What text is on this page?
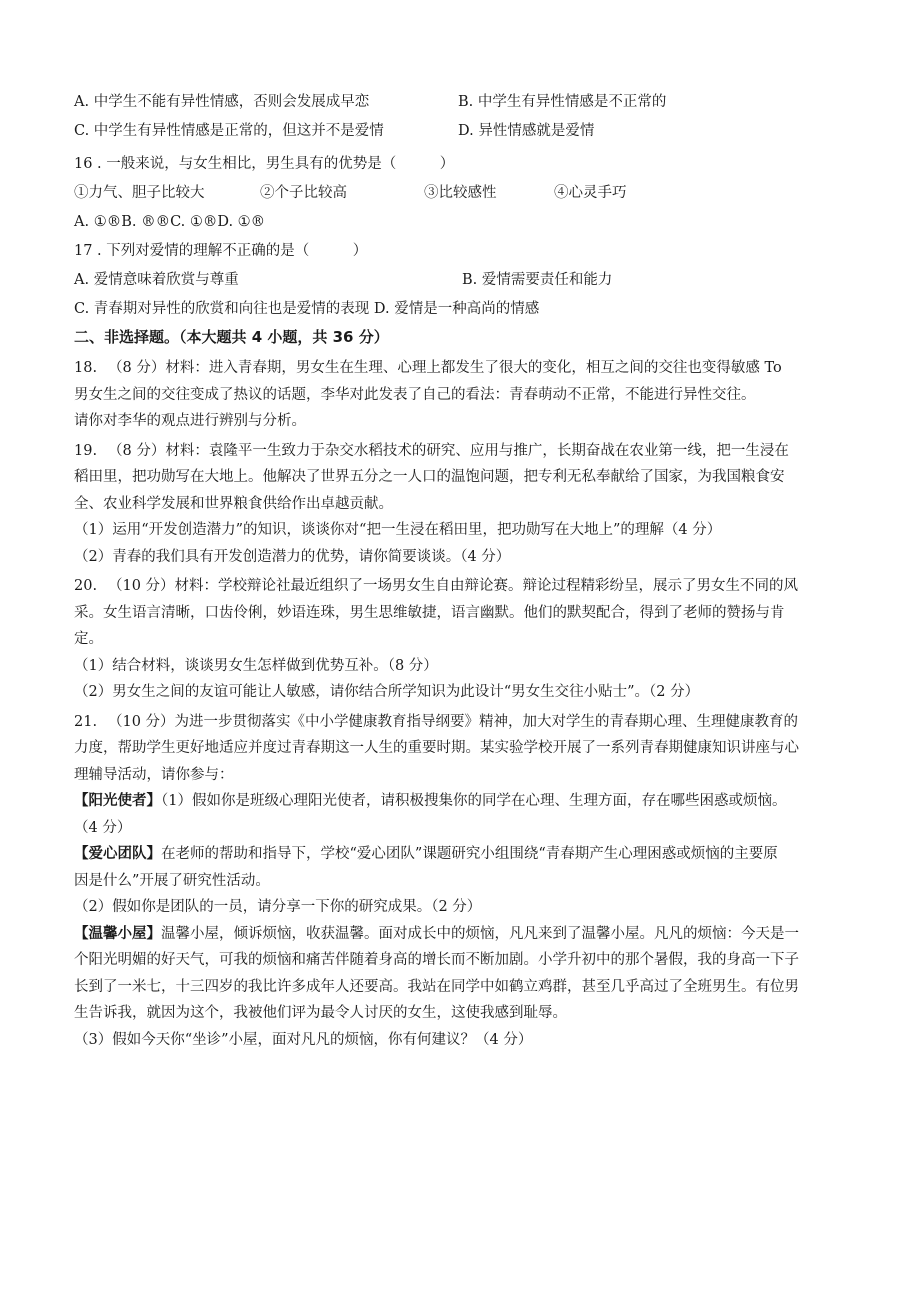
A. 中学生不能有异性情感，否则会发展成早恋	B. 中学生有异性情感是不正常的
C. 中学生有异性情感是正常的，但这并不是爱情	D. 异性情感就是爱情
16 . 一般来说，与女生相比，男生具有的优势是（　　　）
①力气、胆子比较大	②个子比较高	③比较感性	④心灵手巧
A. ①®B. ®®C. ①®D. ①®
17 . 下列对爱情的理解不正确的是（　　　）
A. 爱情意味着欣赏与尊重	B. 爱情需要责任和能力
C. 青春期对异性的欣赏和向往也是爱情的表现 D. 爱情是一种高尚的情感
二、非选择题。（本大题共 4 小题，共 36 分）
18. （8 分）材料：进入青春期，男女生在生理、心理上都发生了很大的变化，相互之间的交往也变得敏感 To
男女生之间的交往变成了热议的话题，李华对此发表了自己的看法：青春萌动不正常，不能进行异性交往。
请你对李华的观点进行辨别与分析。
19. （8 分）材料：袁隆平一生致力于杂交水稻技术的研究、应用与推广，长期奋战在农业第一线，把一生浸在
稻田里，把功勋写在大地上。他解决了世界五分之一人口的温饱问题，把专利无私奉献给了国家，为我国粮食安
全、农业科学发展和世界粮食供给作出卓越贡献。
（1）运用“开发创造潜力”的知识，谈谈你对“把一生浸在稻田里，把功勋写在大地上”的理解（4 分）
（2）青春的我们具有开发创造潜力的优势，请你简要谈谈。（4 分）
20. （10 分）材料：学校辩论社最近组织了一场男女生自由辩论赛。辩论过程精彩纷呈，展示了男女生不同的风
采。女生语言清晰，口齿伶俐，妙语连珠，男生思维敏捷，语言幽默。他们的默契配合，得到了老师的赞扬与肯
定。
（1）结合材料，谈谈男女生怎样做到优势互补。（8 分）
（2）男女生之间的友谊可能让人敏感，请你结合所学知识为此设计“男女生交往小贴士”。（2 分）
21. （10 分）为进一步贯彻落实《中小学健康教育指导纲要》精神，加大对学生的青春期心理、生理健康教育的
力度，帮助学生更好地适应并度过青春期这一人生的重要时期。某实验学校开展了一系列青春期健康知识讲座与心
理辅导活动，请你参与：
【阳光使者】（1）假如你是班级心理阳光使者，请积极搜集你的同学在心理、生理方面，存在哪些困惑或烦恼。
（4 分）
【爱心团队】在老师的帮助和指导下，学校“爱心团队”课题研究小组围绕“青春期产生心理困惑或烦恼的主要原
因是什么”开展了研究性活动。
（2）假如你是团队的一员，请分享一下你的研究成果。（2 分）
【温馨小屋】温馨小屋，倾诉烦恼，收获温馨。面对成长中的烦恼，凡凡来到了温馨小屋。凡凡的烦恼：今天是一
个阳光明媚的好天气，可我的烦恼和痛苦伴随着身高的增长而不断加剧。小学升初中的那个暑假，我的身高一下子
长到了一米七，十三四岁的我比许多成年人还要高。我站在同学中如鹤立鸡群，甚至几乎高过了全班男生。有位男
生告诉我，就因为这个，我被他们评为最令人讨厌的女生，这使我感到耻辱。
（3）假如今天你“坐诊”小屋，面对凡凡的烦恼，你有何建议？（4 分）
